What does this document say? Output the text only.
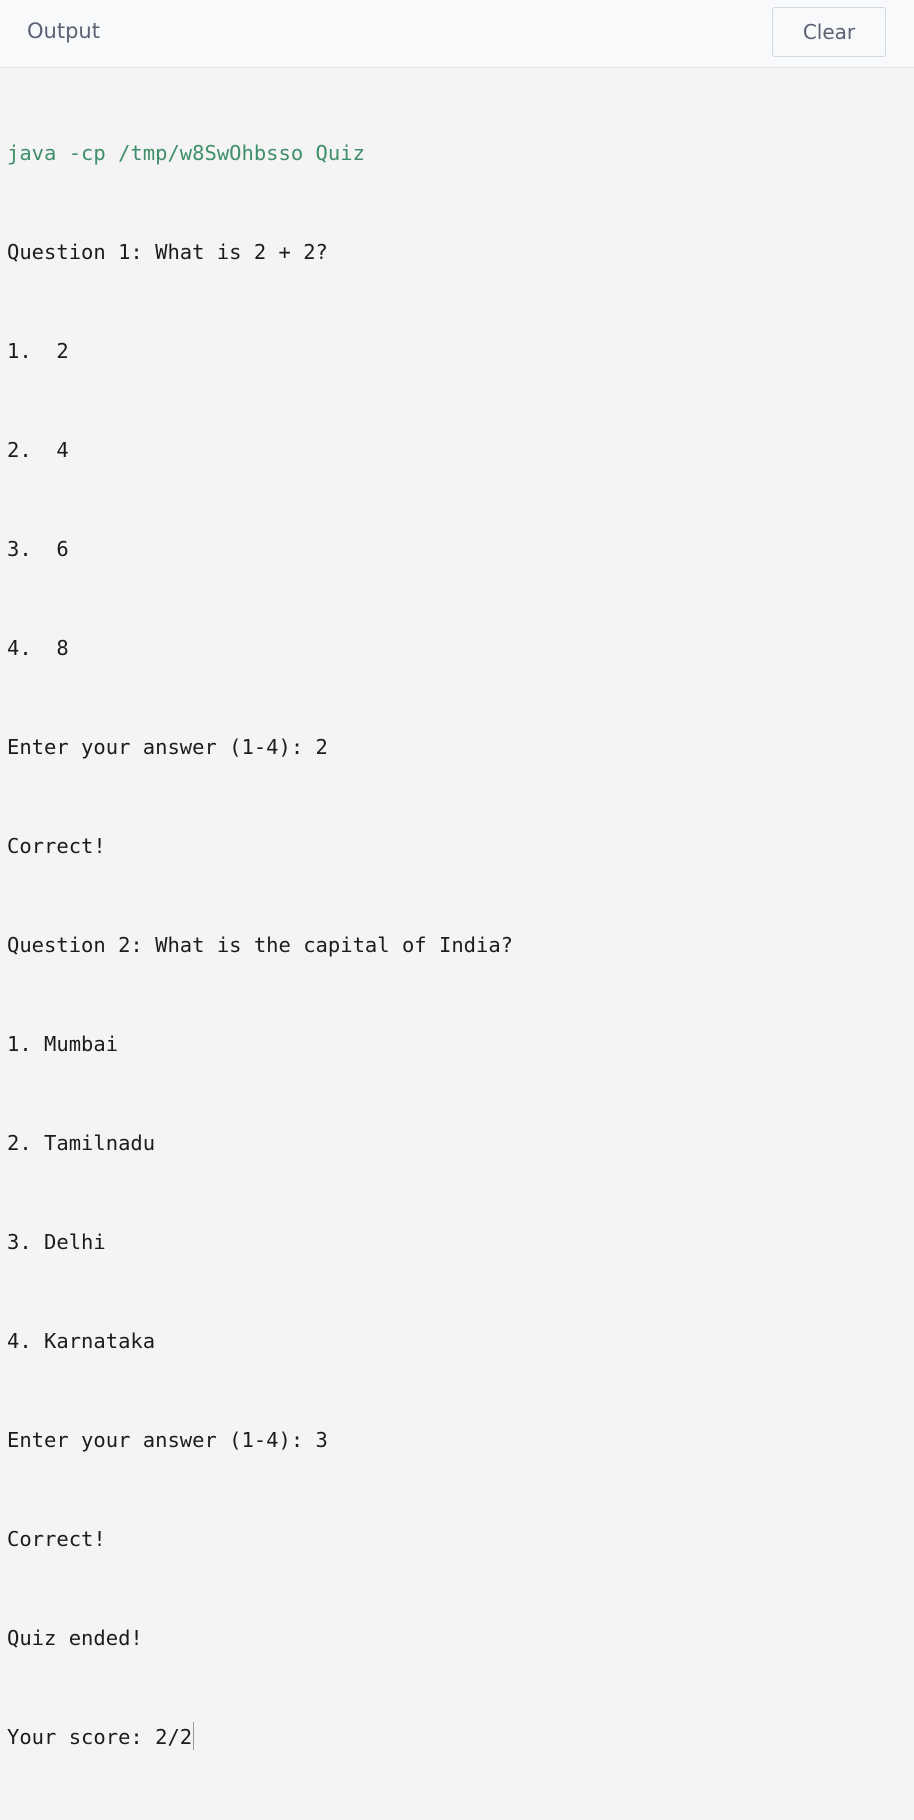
Output	Clear

java -cp /tmp/w8SwOhbsso Quiz

Question 1: What is 2 + 2?

1.  2

2.  4

3.  6

4.  8

Enter your answer (1-4): 2

Correct!

Question 2: What is the capital of India?

1. Mumbai

2. Tamilnadu

3. Delhi

4. Karnataka

Enter your answer (1-4): 3

Correct!

Quiz ended!

Your score: 2/2
